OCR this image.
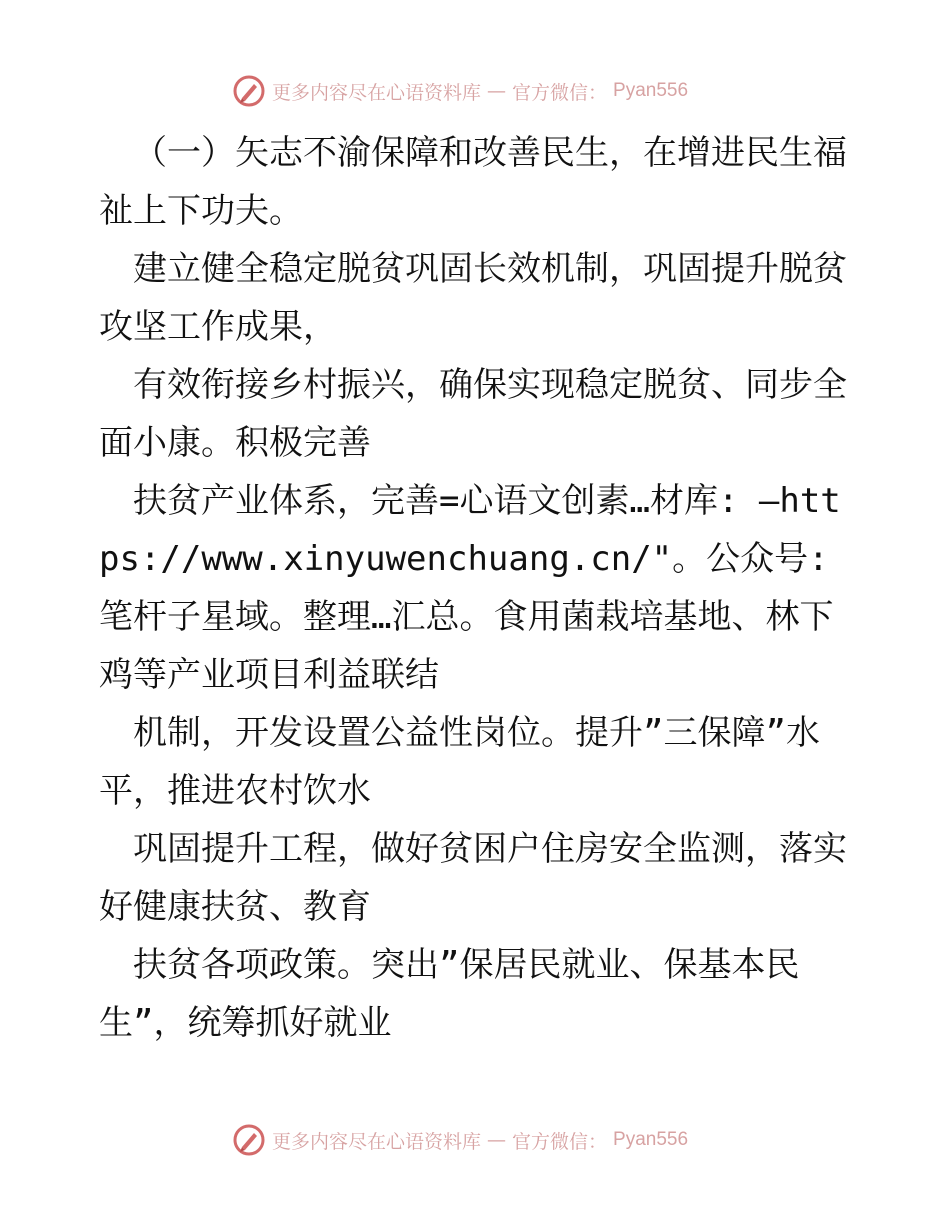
更多内容尽在心语资料库 — 官方微信： Pyan556

（一）矢志不渝保障和改善民生，在增进民生福祉上下功夫。

建立健全稳定脱贫巩固长效机制，巩固提升脱贫攻坚工作成果，

有效衔接乡村振兴，确保实现稳定脱贫、同步全面小康。积极完善

扶贫产业体系，完善=心语文创素…材库: —https://www.xinyuwenchuang.cn/"。公众号: 笔杆子星域。整理…汇总。食用菌栽培基地、林下鸡等产业项目利益联结

机制，开发设置公益性岗位。提升”三保障”水平，推进农村饮水

巩固提升工程，做好贫困户住房安全监测，落实好健康扶贫、教育

扶贫各项政策。突出”保居民就业、保基本民生”，统筹抓好就业

更多内容尽在心语资料库 — 官方微信： Pyan556
